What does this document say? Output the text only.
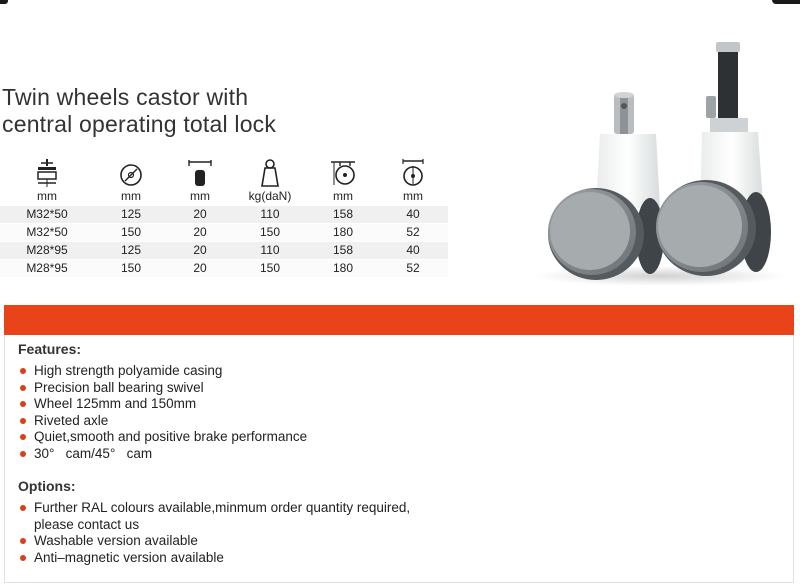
Twin wheels castor with
central operating total lock

mm	mm	mm	kg(daN)	mm	mm
M32*50	125	20	110	158	40
M32*50	150	20	150	180	52
M28*95	125	20	110	158	40
M28*95	150	20	150	180	52
Features:
High strength polyamide casing
Precision ball bearing swivel
Wheel 125mm and 150mm
Riveted axle
Quiet,smooth and positive brake performance
30°   cam/45°   cam
Options:
Further RAL colours available,minmum order quantity required,
please contact us
Washable version available
Anti–magnetic version available
